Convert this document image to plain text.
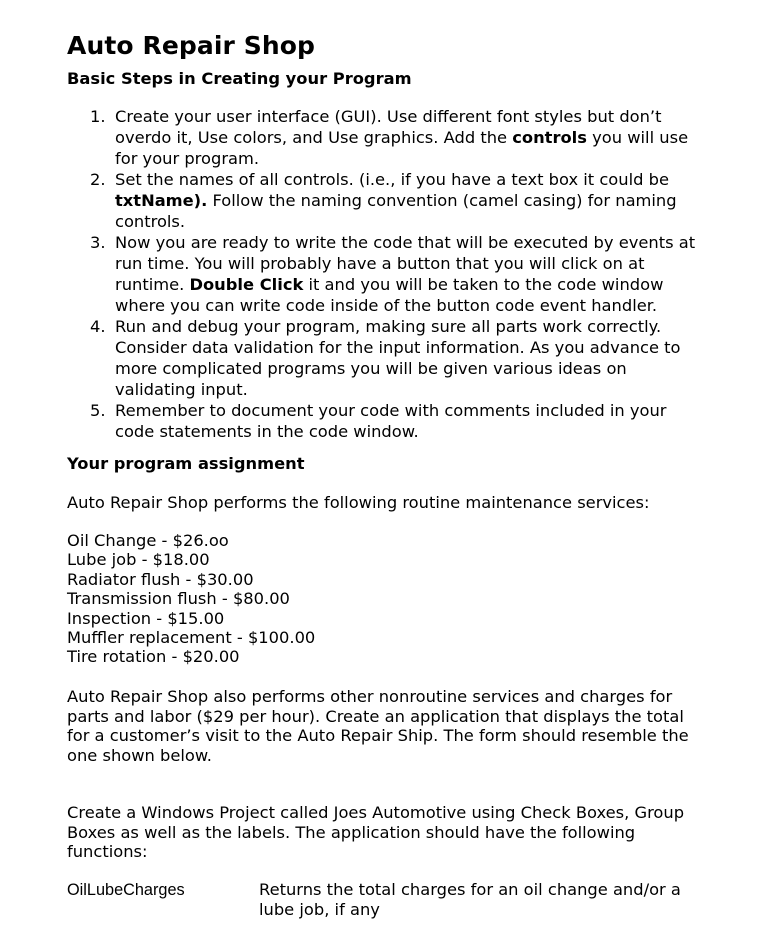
Auto Repair Shop
Basic Steps in Creating your Program
1. Create your user interface (GUI). Use different font styles but don’t overdo it, Use colors, and Use graphics. Add the controls you will use for your program.
2. Set the names of all controls. (i.e., if you have a text box it could be txtName). Follow the naming convention (camel casing) for naming controls.
3. Now you are ready to write the code that will be executed by events at run time. You will probably have a button that you will click on at runtime. Double Click it and you will be taken to the code window where you can write code inside of the button code event handler.
4. Run and debug your program, making sure all parts work correctly. Consider data validation for the input information. As you advance to more complicated programs you will be given various ideas on validating input.
5. Remember to document your code with comments included in your code statements in the code window.
Your program assignment

Auto Repair Shop performs the following routine maintenance services:

Oil Change - $26.oo
Lube job - $18.00
Radiator flush - $30.00
Transmission flush - $80.00
Inspection - $15.00
Muffler replacement - $100.00
Tire rotation - $20.00

Auto Repair Shop also performs other nonroutine services and charges for parts and labor ($29 per hour). Create an application that displays the total for a customer’s visit to the Auto Repair Ship. The form should resemble the one shown below.

Create a Windows Project called Joes Automotive using Check Boxes, Group Boxes as well as the labels. The application should have the following functions:

OilLubeCharges	Returns the total charges for an oil change and/or a lube job, if any
